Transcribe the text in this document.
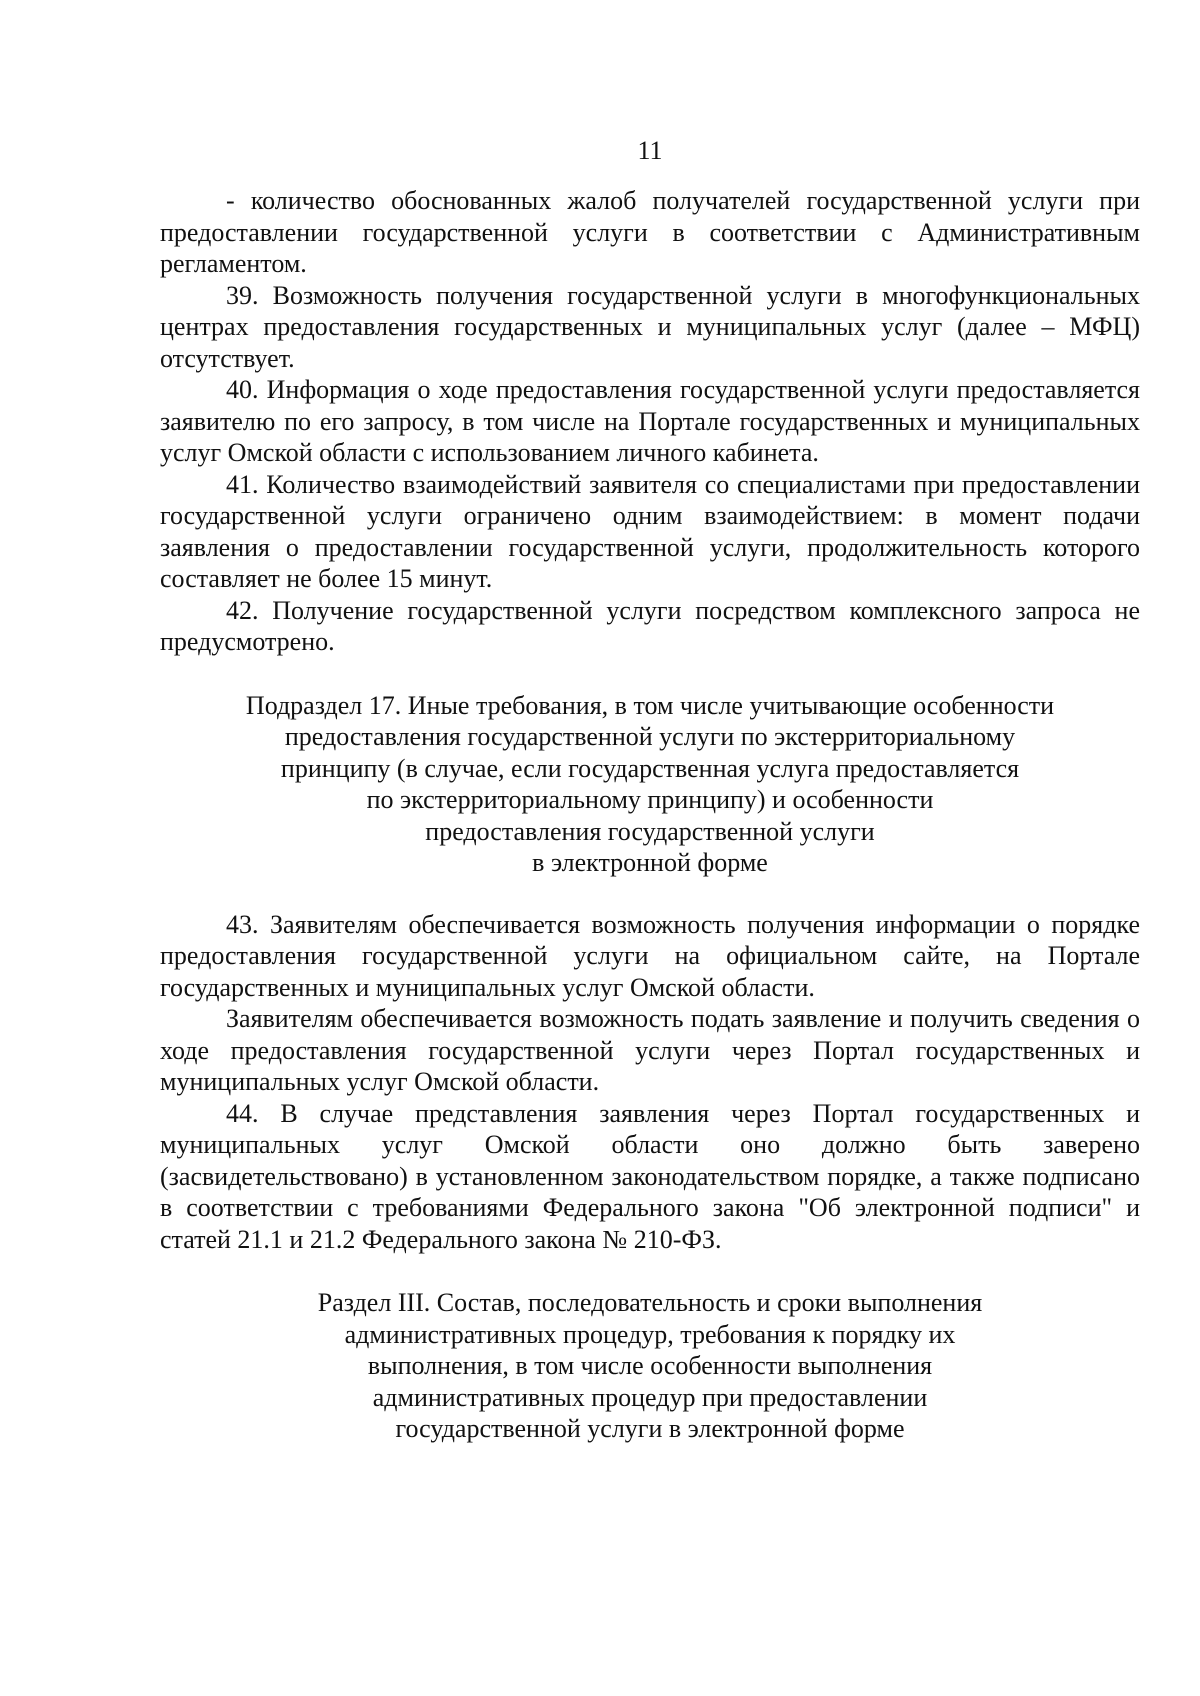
11

- количество обоснованных жалоб получателей государственной услуги при предоставлении государственной услуги в соответствии с Административным регламентом.

39. Возможность получения государственной услуги в многофункциональных центрах предоставления государственных и муниципальных услуг (далее – МФЦ) отсутствует.

40. Информация о ходе предоставления государственной услуги предоставляется заявителю по его запросу, в том числе на Портале государственных и муниципальных услуг Омской области с использованием личного кабинета.

41. Количество взаимодействий заявителя со специалистами при предоставлении государственной услуги ограничено одним взаимодействием: в момент подачи заявления о предоставлении государственной услуги, продолжительность которого составляет не более 15 минут.

42. Получение государственной услуги посредством комплексного запроса не предусмотрено.

Подраздел 17. Иные требования, в том числе учитывающие особенности
предоставления государственной услуги по экстерриториальному
принципу (в случае, если государственная услуга предоставляется
по экстерриториальному принципу) и особенности
предоставления государственной услуги
в электронной форме

43. Заявителям обеспечивается возможность получения информации о порядке предоставления государственной услуги на официальном сайте, на Портале государственных и муниципальных услуг Омской области.

Заявителям обеспечивается возможность подать заявление и получить сведения о ходе предоставления государственной услуги через Портал государственных и муниципальных услуг Омской области.

44. В случае представления заявления через Портал государственных и муниципальных услуг Омской области оно должно быть заверено (засвидетельствовано) в установленном законодательством порядке, а также подписано в соответствии с требованиями Федерального закона "Об электронной подписи" и статей 21.1 и 21.2 Федерального закона № 210-ФЗ.

Раздел III. Состав, последовательность и сроки выполнения
административных процедур, требования к порядку их
выполнения, в том числе особенности выполнения
административных процедур при предоставлении
государственной услуги в электронной форме
